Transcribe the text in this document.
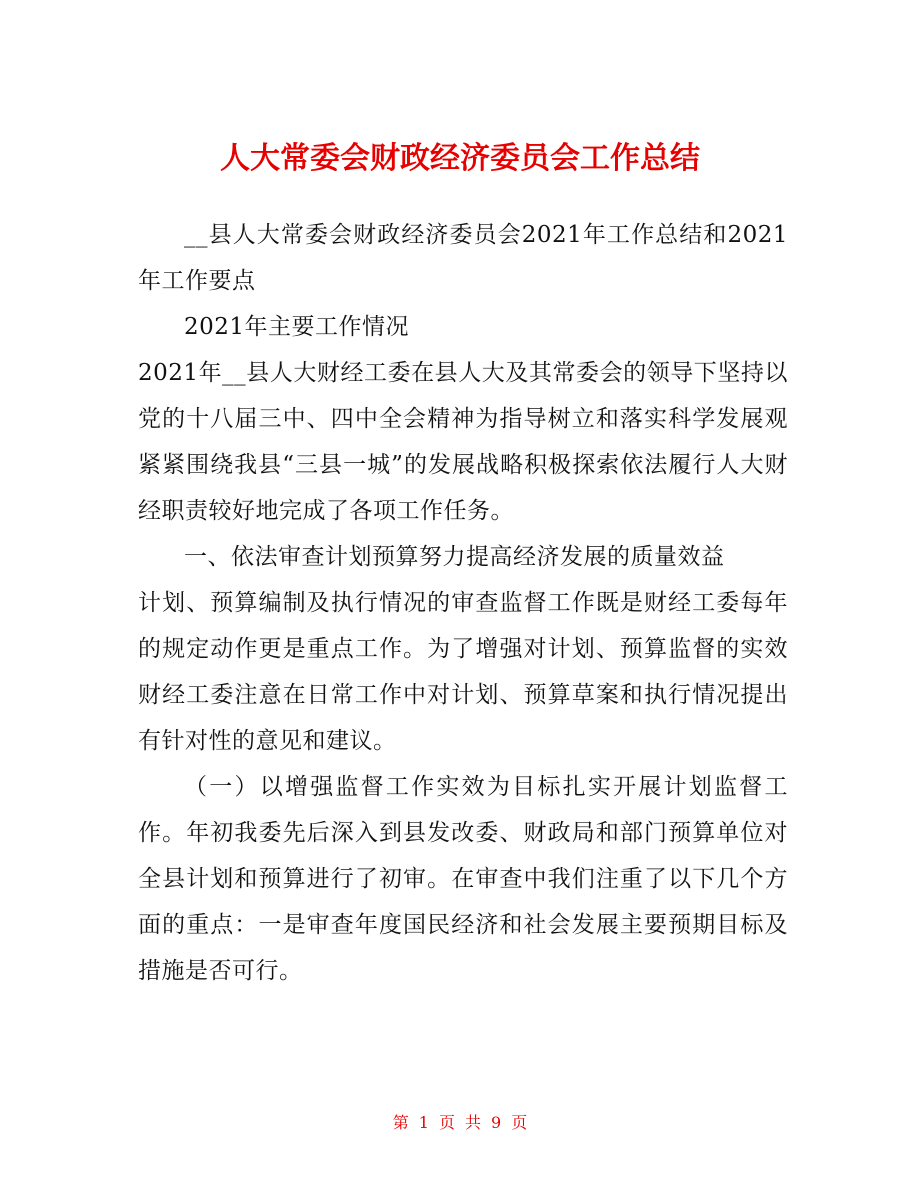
人大常委会财政经济委员会工作总结

__县人大常委会财政经济委员会2021年工作总结和2021年工作要点

2021年主要工作情况

2021年__县人大财经工委在县人大及其常委会的领导下坚持以党的十八届三中、四中全会精神为指导树立和落实科学发展观紧紧围绕我县“三县一城”的发展战略积极探索依法履行人大财经职责较好地完成了各项工作任务。

一、依法审查计划预算努力提高经济发展的质量效益

计划、预算编制及执行情况的审查监督工作既是财经工委每年的规定动作更是重点工作。为了增强对计划、预算监督的实效财经工委注意在日常工作中对计划、预算草案和执行情况提出有针对性的意见和建议。

（一）以增强监督工作实效为目标扎实开展计划监督工作。年初我委先后深入到县发改委、财政局和部门预算单位对全县计划和预算进行了初审。在审查中我们注重了以下几个方面的重点：一是审查年度国民经济和社会发展主要预期目标及措施是否可行。

第 1 页 共 9 页
